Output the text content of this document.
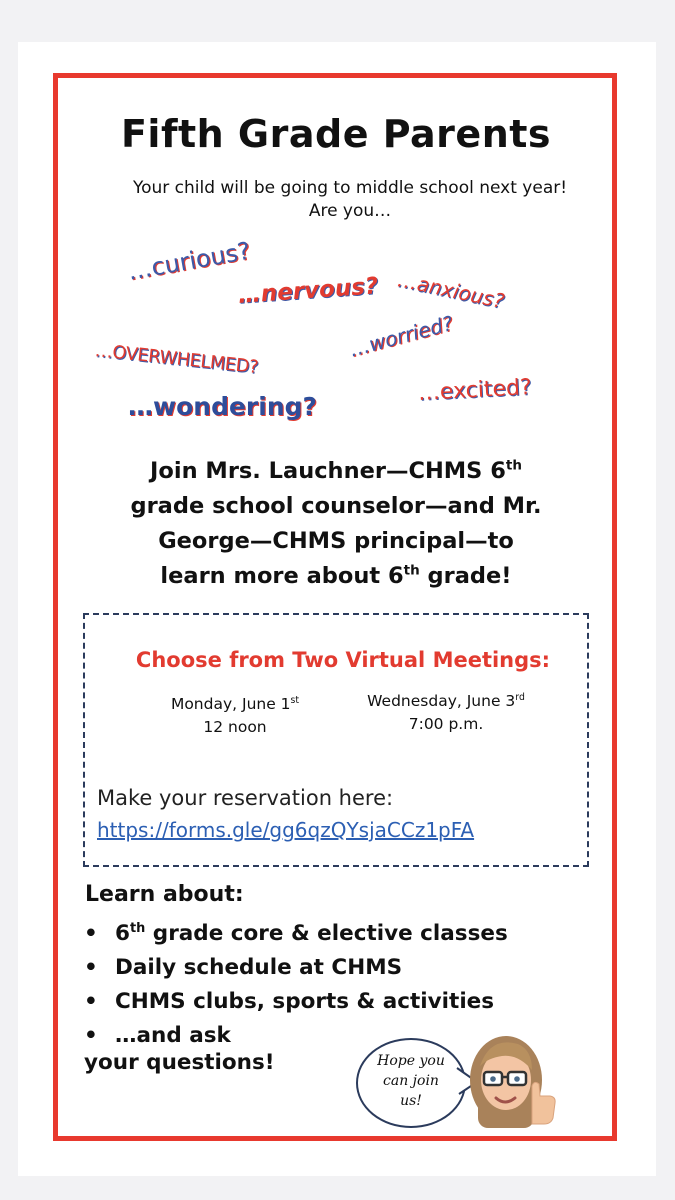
Fifth Grade Parents
Your child will be going to middle school next year!
Are you…
…curious?
…nervous? …anxious?
…OVERWHELMED?	…worried?
…wondering?
…excited?
Join Mrs. Lauchner—CHMS 6th
grade school counselor—and Mr.
George—CHMS principal—to
learn more about 6th grade!
Choose from Two Virtual Meetings:
Monday, June 1st
12 noon
Wednesday, June 3rd
7:00 p.m.
Make your reservation here:
https://forms.gle/gg6qzQYsjaCCz1pFA
Learn about:
• 6th grade core & elective classes
• Daily schedule at CHMS
• CHMS clubs, sports & activities
• …and ask
your questions!	Hope you
can join
us!
